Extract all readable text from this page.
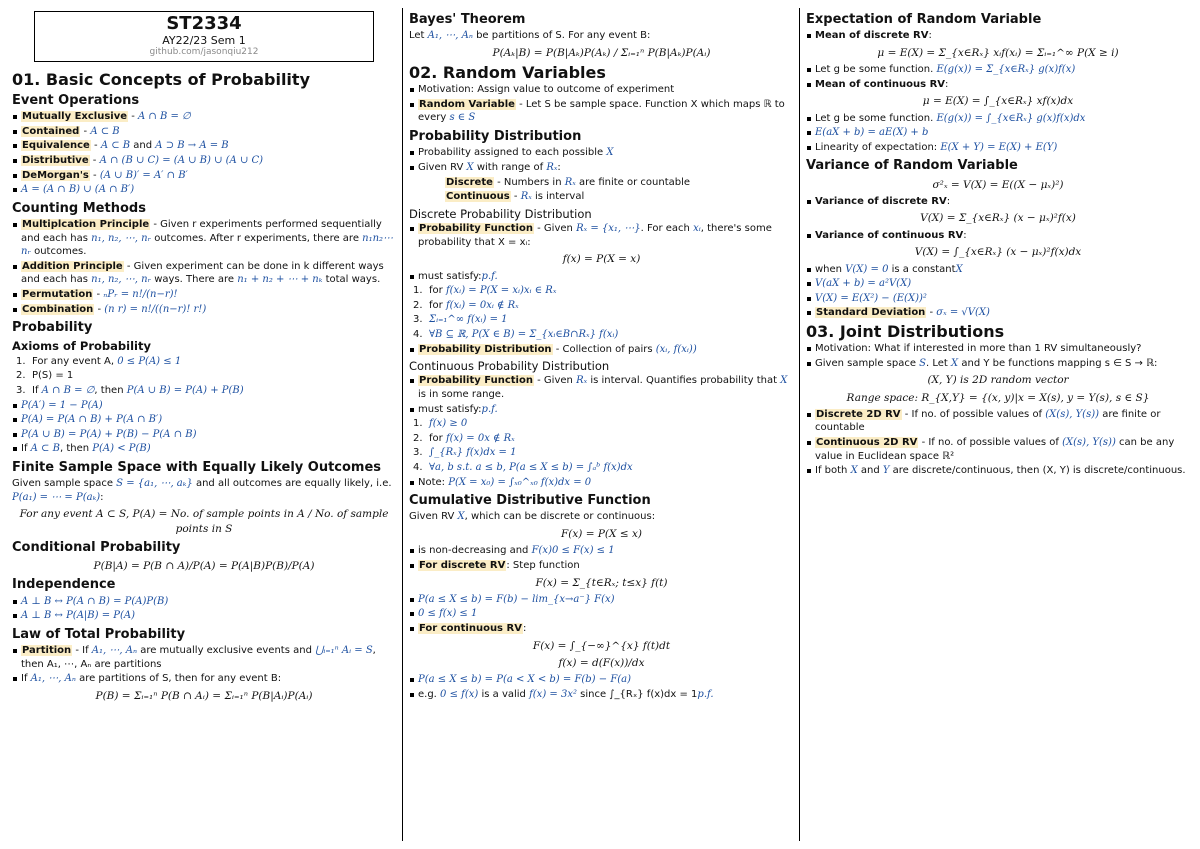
ST2334
AY22/23 Sem 1
github.com/jasonqiu212
01. Basic Concepts of Probability
Event Operations
Mutually Exclusive - A ∩ B = ∅
Contained - A ⊂ B
Equivalence - A ⊂ B and A ⊃ B → A = B
Distributive - A ∩ (B ∪ C) = (A ∪ B) ∪ (A ∪ C)
DeMorgan's - (A ∪ B)′ = A′ ∩ B′
A = (A ∩ B) ∪ (A ∩ B′)
Counting Methods
Multiplcation Principle - Given r experiments performed sequentially and each has n₁, n₂, ⋯, nᵣ outcomes. After r experiments, there are n₁n₂⋯nᵣ outcomes.
Addition Principle - Given experiment can be done in k different ways and each has n₁, n₂, ⋯, nᵣ ways. There are n₁ + n₂ + ⋯ + nₖ total ways.
Permutation - ₙPᵣ = n!/(n−r)!
Combination - (n r) = n!/((n−r)! r!)
Probability
Axioms of Probability
1. For any event A, 0 ≤ P(A) ≤ 1
2. P(S) = 1
3. If A ∩ B = ∅, then P(A ∪ B) = P(A) + P(B)
P(A′) = 1 − P(A)
P(A) = P(A ∩ B) + P(A ∩ B′)
P(A ∪ B) = P(A) + P(B) − P(A ∩ B)
If A ⊂ B, then P(A) < P(B)
Finite Sample Space with Equally Likely Outcomes
Given sample space S = {a₁, ⋯, aₖ} and all outcomes are equally likely, i.e. P(a₁) = ⋯ = P(aₖ):
For any event A ⊂ S, P(A) = No. of sample points in A / No. of sample points in S
Conditional Probability
P(B|A) = P(B ∩ A)/P(A) = P(A|B)P(B)/P(A)
Independence
A ⊥ B ↔ P(A ∩ B) = P(A)P(B)
A ⊥ B ↔ P(A|B) = P(A)
Law of Total Probability
Partition - If A₁, ⋯, Aₙ are mutually exclusive events and ⋃ᵢ₌₁ⁿ Aᵢ = S, then A₁, ⋯, Aₙ are partitions
If A₁, ⋯, Aₙ are partitions of S, then for any event B:
P(B) = Σᵢ₌₁ⁿ P(B ∩ Aᵢ) = Σᵢ₌₁ⁿ P(B|Aᵢ)P(Aᵢ)
Bayes' Theorem
Let A₁, ⋯, Aₙ be partitions of S. For any event B:
P(Aₖ|B) = P(B|Aₖ)P(Aₖ) / Σᵢ₌₁ⁿ P(B|Aₖ)P(Aᵢ)
02. Random Variables
Motivation: Assign value to outcome of experiment
Random Variable - Let S be sample space. Function X which maps ℝ to every s ∈ S
Probability Distribution
Probability assigned to each possible X
Given RV X with range of Rₓ:
Discrete - Numbers in Rₓ are finite or countable
Continuous - Rₓ is interval
Discrete Probability Distribution
Probability Function - Given Rₓ = {x₁, ⋯}. For each xᵢ, there's some probability that X = xᵢ:
f(x) = P(X = x)
must satisfy:p.f.
1. for f(xᵢ) = P(X = xᵢ)xᵢ ∈ Rₓ
2. for f(xᵢ) = 0xᵢ ∉ Rₓ
3. Σᵢ₌₁^∞ f(xᵢ) = 1
4. ∀B ⊆ ℝ, P(X ∈ B) = Σ_{xᵢ∈B∩Rₓ} f(xᵢ)
Probability Distribution - Collection of pairs (xᵢ, f(xᵢ))
Continuous Probability Distribution
Probability Function - Given Rₓ is interval. Quantifies probability that X is in some range.
must satisfy:p.f.
1. f(x) ≥ 0
2. for f(x) = 0x ∉ Rₓ
3. ∫_{Rₓ} f(x)dx = 1
4. ∀a, b s.t. a ≤ b, P(a ≤ X ≤ b) = ∫ₐᵇ f(x)dx
Note: P(X = x₀) = ∫ₓ₀^ₓ₀ f(x)dx = 0
Cumulative Distributive Function
Given RV X, which can be discrete or continuous:
F(x) = P(X ≤ x)
is non-decreasing and F(x)0 ≤ F(x) ≤ 1
For discrete RV: Step function
F(x) = Σ_{t∈Rₓ; t≤x} f(t)
P(a ≤ X ≤ b) = F(b) − lim_{x→a⁻} F(x)
0 ≤ f(x) ≤ 1
For continuous RV:
F(x) = ∫_{−∞}^{x} f(t)dt
f(x) = d(F(x))/dx
P(a ≤ X ≤ b) = P(a < X < b) = F(b) − F(a)
e.g. 0 ≤ f(x) is a valid f(x) = 3x² since ∫_{Rₓ} f(x)dx = 1p.f.
Expectation of Random Variable
Mean of discrete RV:
μ = E(X) = Σ_{x∈Rₓ} xᵢf(xᵢ) = Σᵢ₌₁^∞ P(X ≥ i)
Let g be some function. E(g(x)) = Σ_{x∈Rₓ} g(x)f(x)
Mean of continuous RV:
μ = E(X) = ∫_{x∈Rₓ} xf(x)dx
Let g be some function. E(g(x)) = ∫_{x∈Rₓ} g(x)f(x)dx
E(aX + b) = aE(X) + b
Linearity of expectation: E(X + Y) = E(X) + E(Y)
Variance of Random Variable
σ²ₓ = V(X) = E((X − μₓ)²)
Variance of discrete RV:
V(X) = Σ_{x∈Rₓ} (x − μₓ)²f(x)
Variance of continuous RV:
V(X) = ∫_{x∈Rₓ} (x − μₓ)²f(x)dx
when V(X) = 0 is a constantX
V(aX + b) = a²V(X)
V(X) = E(X²) − (E(X))²
Standard Deviation - σₓ = √V(X)
03. Joint Distributions
Motivation: What if interested in more than 1 RV simultaneously?
Given sample space S. Let X and Y be functions mapping s ∈ S → ℝ:
(X, Y) is 2D random vector
Range space: R_{X,Y} = {(x, y)|x = X(s), y = Y(s), s ∈ S}
Discrete 2D RV - If no. of possible values of (X(s), Y(s)) are finite or countable
Continuous 2D RV - If no. of possible values of (X(s), Y(s)) can be any value in Euclidean space ℝ²
If both X and Y are discrete/continuous, then (X, Y) is discrete/continuous.
